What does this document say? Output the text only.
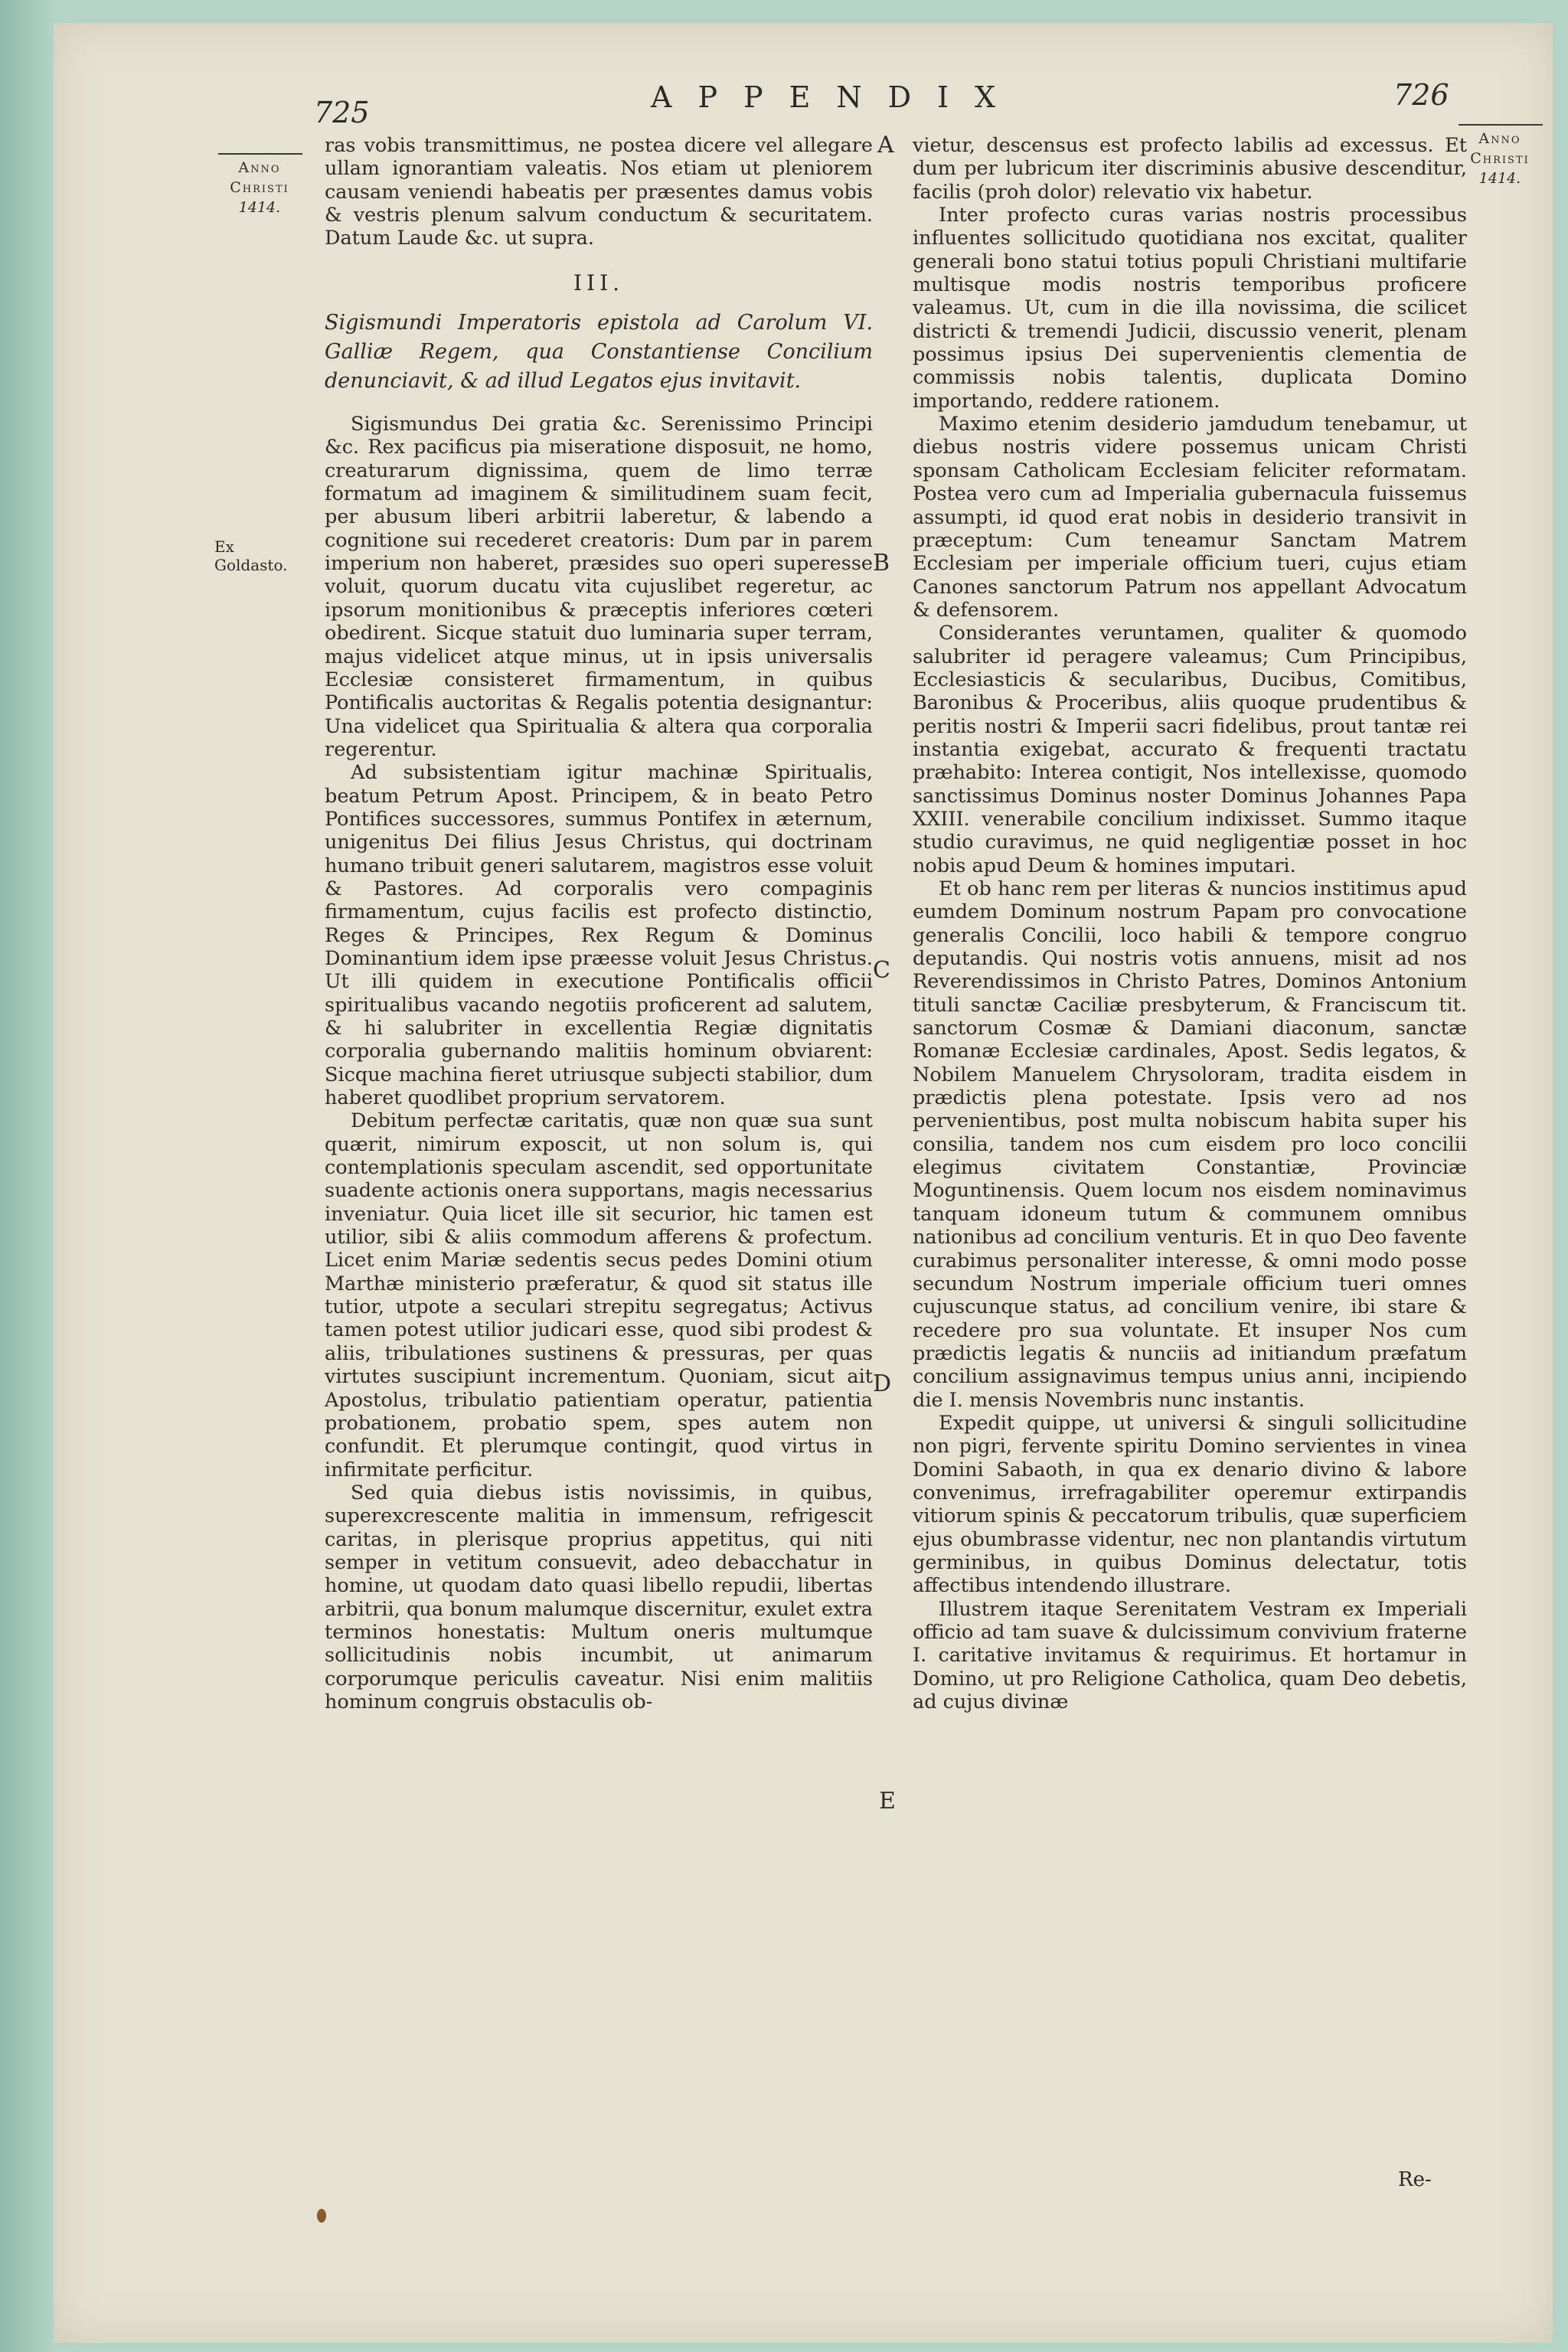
725	APPENDIX	726
Anno
Christi
1414.
Anno
Christi
1414.
Ex Goldasto.
A
B
C
D
E

ras vobis transmittimus, ne postea dicere vel allegare ullam ignorantiam valeatis. Nos etiam ut pleniorem causam veniendi habeatis per præsentes damus vobis & vestris plenum salvum conductum & securitatem. Datum Laude &c. ut supra.

III.
Sigismundi Imperatoris epistola ad Carolum VI. Galliæ Regem, qua Constantiense Concilium denunciavit, & ad illud Legatos ejus invitavit.

Sigismundus Dei gratia &c. Serenissimo Principi &c. Rex pacificus pia miseratione disposuit, ne homo, creaturarum dignissima, quem de limo terræ formatum ad imaginem & similitudinem suam fecit, per abusum liberi arbitrii laberetur, & labendo a cognitione sui recederet creatoris: Dum par in parem imperium non haberet, præsides suo operi superesse voluit, quorum ducatu vita cujuslibet regeretur, ac ipsorum monitionibus & præceptis inferiores cœteri obedirent. Sicque statuit duo luminaria super terram, majus videlicet atque minus, ut in ipsis universalis Ecclesiæ consisteret firmamentum, in quibus Pontificalis auctoritas & Regalis potentia designantur: Una videlicet qua Spiritualia & altera qua corporalia regerentur.

Ad subsistentiam igitur machinæ Spiritualis, beatum Petrum Apost. Principem, & in beato Petro Pontifices successores, summus Pontifex in æternum, unigenitus Dei filius Jesus Christus, qui doctrinam humano tribuit generi salutarem, magistros esse voluit & Pastores. Ad corporalis vero compaginis firmamentum, cujus facilis est profecto distinctio, Reges & Principes, Rex Regum & Dominus Dominantium idem ipse præesse voluit Jesus Christus. Ut illi quidem in executione Pontificalis officii spiritualibus vacando negotiis proficerent ad salutem, & hi salubriter in excellentia Regiæ dignitatis corporalia gubernando malitiis hominum obviarent: Sicque machina fieret utriusque subjecti stabilior, dum haberet quodlibet proprium servatorem.

Debitum perfectæ caritatis, quæ non quæ sua sunt quærit, nimirum exposcit, ut non solum is, qui contemplationis speculam ascendit, sed opportunitate suadente actionis onera supportans, magis necessarius inveniatur. Quia licet ille sit securior, hic tamen est utilior, sibi & aliis commodum afferens & profectum. Licet enim Mariæ sedentis secus pedes Domini otium Marthæ ministerio præferatur, & quod sit status ille tutior, utpote a seculari strepitu segregatus; Activus tamen potest utilior judicari esse, quod sibi prodest & aliis, tribulationes sustinens & pressuras, per quas virtutes suscipiunt incrementum. Quoniam, sicut ait Apostolus, tribulatio patientiam operatur, patientia probationem, probatio spem, spes autem non confundit. Et plerumque contingit, quod virtus in infirmitate perficitur.

Sed quia diebus istis novissimis, in quibus, superexcrescente malitia in immensum, refrigescit caritas, in plerisque proprius appetitus, qui niti semper in vetitum consuevit, adeo debacchatur in homine, ut quodam dato quasi libello repudii, libertas arbitrii, qua bonum malumque discernitur, exulet extra terminos honestatis: Multum oneris multumque sollicitudinis nobis incumbit, ut animarum corporumque periculis caveatur. Nisi enim malitiis hominum congruis obstaculis ob-

vietur, descensus est profecto labilis ad excessus. Et dum per lubricum iter discriminis abusive descenditur, facilis (proh dolor) relevatio vix habetur.

Inter profecto curas varias nostris processibus influentes sollicitudo quotidiana nos excitat, qualiter generali bono statui totius populi Christiani multifarie multisque modis nostris temporibus proficere valeamus. Ut, cum in die illa novissima, die scilicet districti & tremendi Judicii, discussio venerit, plenam possimus ipsius Dei supervenientis clementia de commissis nobis talentis, duplicata Domino importando, reddere rationem.

Maximo etenim desiderio jamdudum tenebamur, ut diebus nostris videre possemus unicam Christi sponsam Catholicam Ecclesiam feliciter reformatam. Postea vero cum ad Imperialia gubernacula fuissemus assumpti, id quod erat nobis in desiderio transivit in præceptum: Cum teneamur Sanctam Matrem Ecclesiam per imperiale officium tueri, cujus etiam Canones sanctorum Patrum nos appellant Advocatum & defensorem.

Considerantes veruntamen, qualiter & quomodo salubriter id peragere valeamus; Cum Principibus, Ecclesiasticis & secularibus, Ducibus, Comitibus, Baronibus & Proceribus, aliis quoque prudentibus & peritis nostri & Imperii sacri fidelibus, prout tantæ rei instantia exigebat, accurato & frequenti tractatu præhabito: Interea contigit, Nos intellexisse, quomodo sanctissimus Dominus noster Dominus Johannes Papa XXIII. venerabile concilium indixisset. Summo itaque studio curavimus, ne quid negligentiæ posset in hoc nobis apud Deum & homines imputari.

Et ob hanc rem per literas & nuncios institimus apud eumdem Dominum nostrum Papam pro convocatione generalis Concilii, loco habili & tempore congruo deputandis. Qui nostris votis annuens, misit ad nos Reverendissimos in Christo Patres, Dominos Antonium tituli sanctæ Caciliæ presbyterum, & Franciscum tit. sanctorum Cosmæ & Damiani diaconum, sanctæ Romanæ Ecclesiæ cardinales, Apost. Sedis legatos, & Nobilem Manuelem Chrysoloram, tradita eisdem in prædictis plena potestate. Ipsis vero ad nos pervenientibus, post multa nobiscum habita super his consilia, tandem nos cum eisdem pro loco concilii elegimus civitatem Constantiæ, Provinciæ Moguntinensis. Quem locum nos eisdem nominavimus tanquam idoneum tutum & communem omnibus nationibus ad concilium venturis. Et in quo Deo favente curabimus personaliter interesse, & omni modo posse secundum Nostrum imperiale officium tueri omnes cujuscunque status, ad concilium venire, ibi stare & recedere pro sua voluntate. Et insuper Nos cum prædictis legatis & nunciis ad initiandum præfatum concilium assignavimus tempus unius anni, incipiendo die I. mensis Novembris nunc instantis.

Expedit quippe, ut universi & singuli sollicitudine non pigri, fervente spiritu Domino servientes in vinea Domini Sabaoth, in qua ex denario divino & labore convenimus, irrefragabiliter operemur extirpandis vitiorum spinis & peccatorum tribulis, quæ superficiem ejus obumbrasse videntur, nec non plantandis virtutum germinibus, in quibus Dominus delectatur, totis affectibus intendendo illustrare.

Illustrem itaque Serenitatem Vestram ex Imperiali officio ad tam suave & dulcissimum convivium fraterne I. caritative invitamus & requirimus. Et hortamur in Domino, ut pro Religione Catholica, quam Deo debetis, ad cujus divinæ

Re-
